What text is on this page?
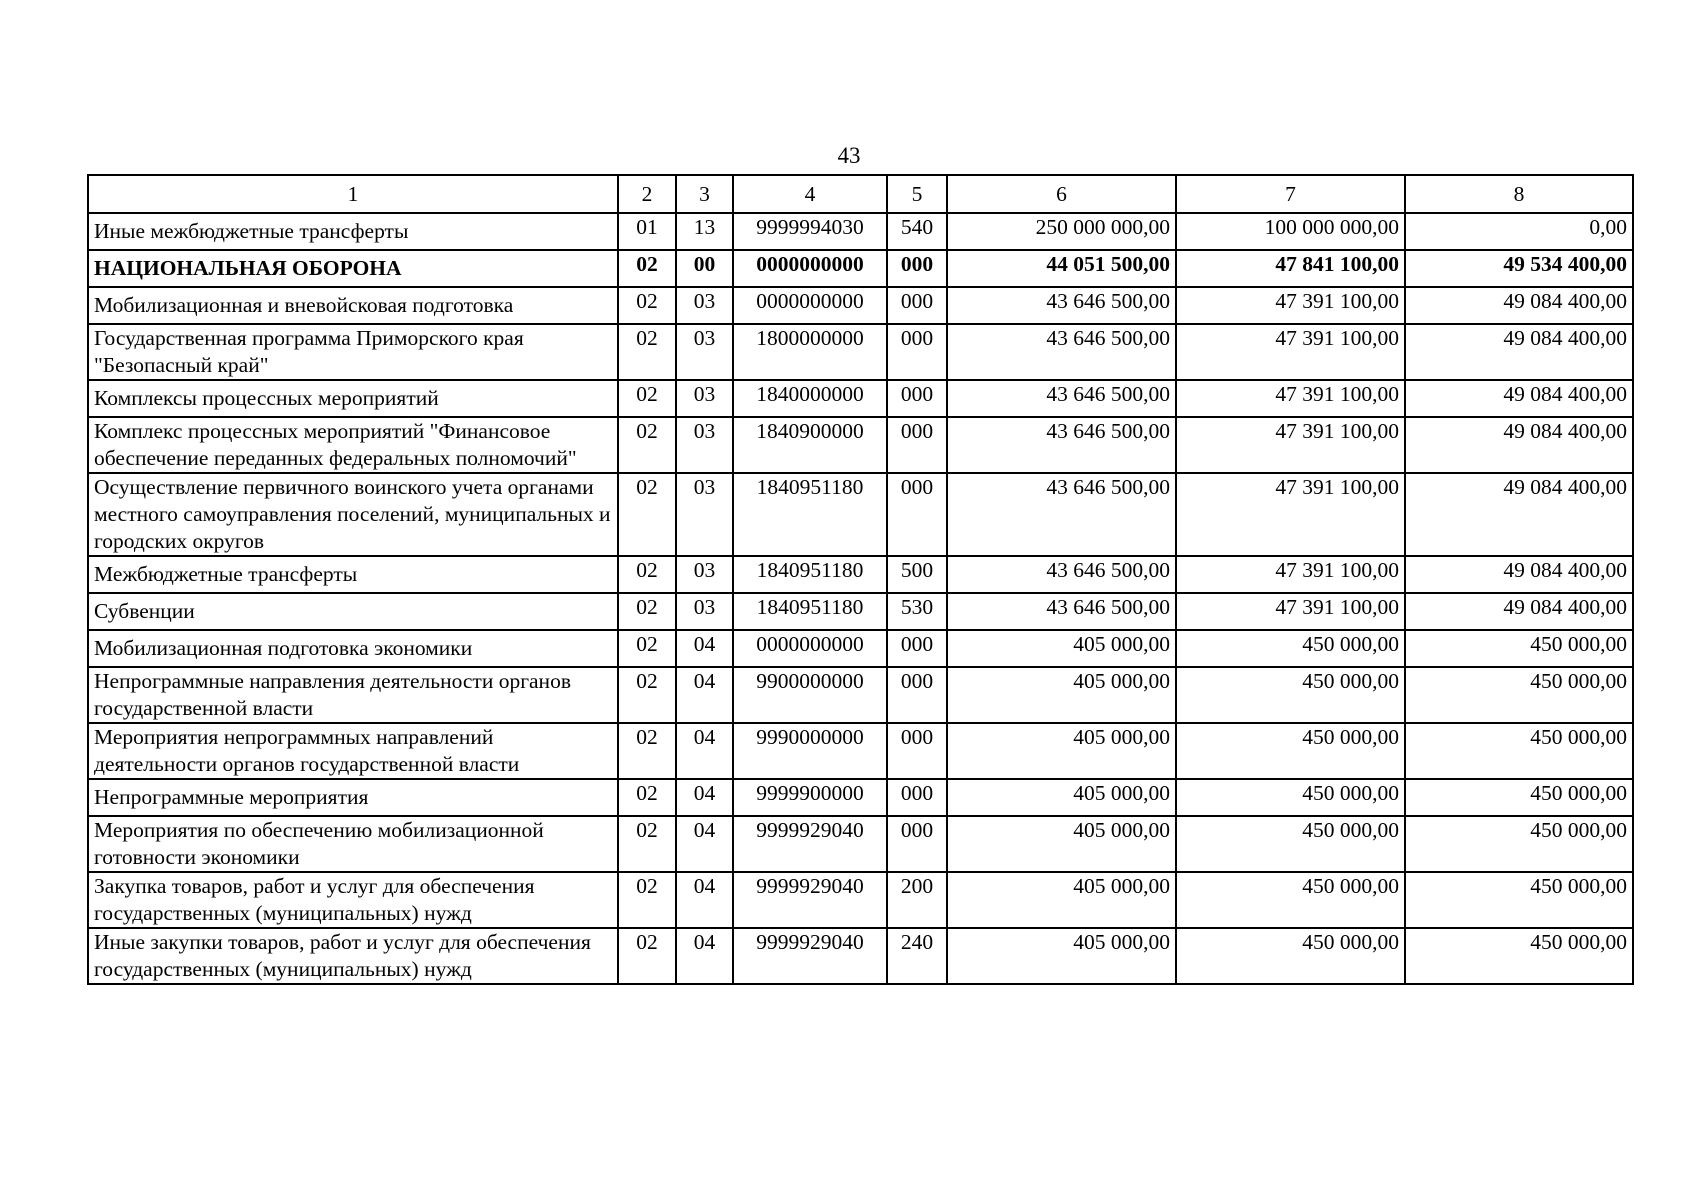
43
1	2	3	4	5	6	7	8
Иные межбюджетные трансферты	01	13	9999994030	540	250 000 000,00	100 000 000,00	0,00
НАЦИОНАЛЬНАЯ ОБОРОНА	02	00	0000000000	000	44 051 500,00	47 841 100,00	49 534 400,00
Мобилизационная и вневойсковая подготовка	02	03	0000000000	000	43 646 500,00	47 391 100,00	49 084 400,00
Государственная программа Приморского края "Безопасный край"	02	03	1800000000	000	43 646 500,00	47 391 100,00	49 084 400,00
Комплексы процессных мероприятий	02	03	1840000000	000	43 646 500,00	47 391 100,00	49 084 400,00
Комплекс процессных мероприятий "Финансовое обеспечение переданных федеральных полномочий"	02	03	1840900000	000	43 646 500,00	47 391 100,00	49 084 400,00
Осуществление первичного воинского учета органами местного самоуправления поселений, муниципальных и городских округов	02	03	1840951180	000	43 646 500,00	47 391 100,00	49 084 400,00
Межбюджетные трансферты	02	03	1840951180	500	43 646 500,00	47 391 100,00	49 084 400,00
Субвенции	02	03	1840951180	530	43 646 500,00	47 391 100,00	49 084 400,00
Мобилизационная подготовка экономики	02	04	0000000000	000	405 000,00	450 000,00	450 000,00
Непрограммные направления деятельности органов государственной власти	02	04	9900000000	000	405 000,00	450 000,00	450 000,00
Мероприятия непрограммных направлений деятельности органов государственной власти	02	04	9990000000	000	405 000,00	450 000,00	450 000,00
Непрограммные мероприятия	02	04	9999900000	000	405 000,00	450 000,00	450 000,00
Мероприятия по обеспечению мобилизационной готовности экономики	02	04	9999929040	000	405 000,00	450 000,00	450 000,00
Закупка товаров, работ и услуг для обеспечения государственных (муниципальных) нужд	02	04	9999929040	200	405 000,00	450 000,00	450 000,00
Иные закупки товаров, работ и услуг для обеспечения государственных (муниципальных) нужд	02	04	9999929040	240	405 000,00	450 000,00	450 000,00
